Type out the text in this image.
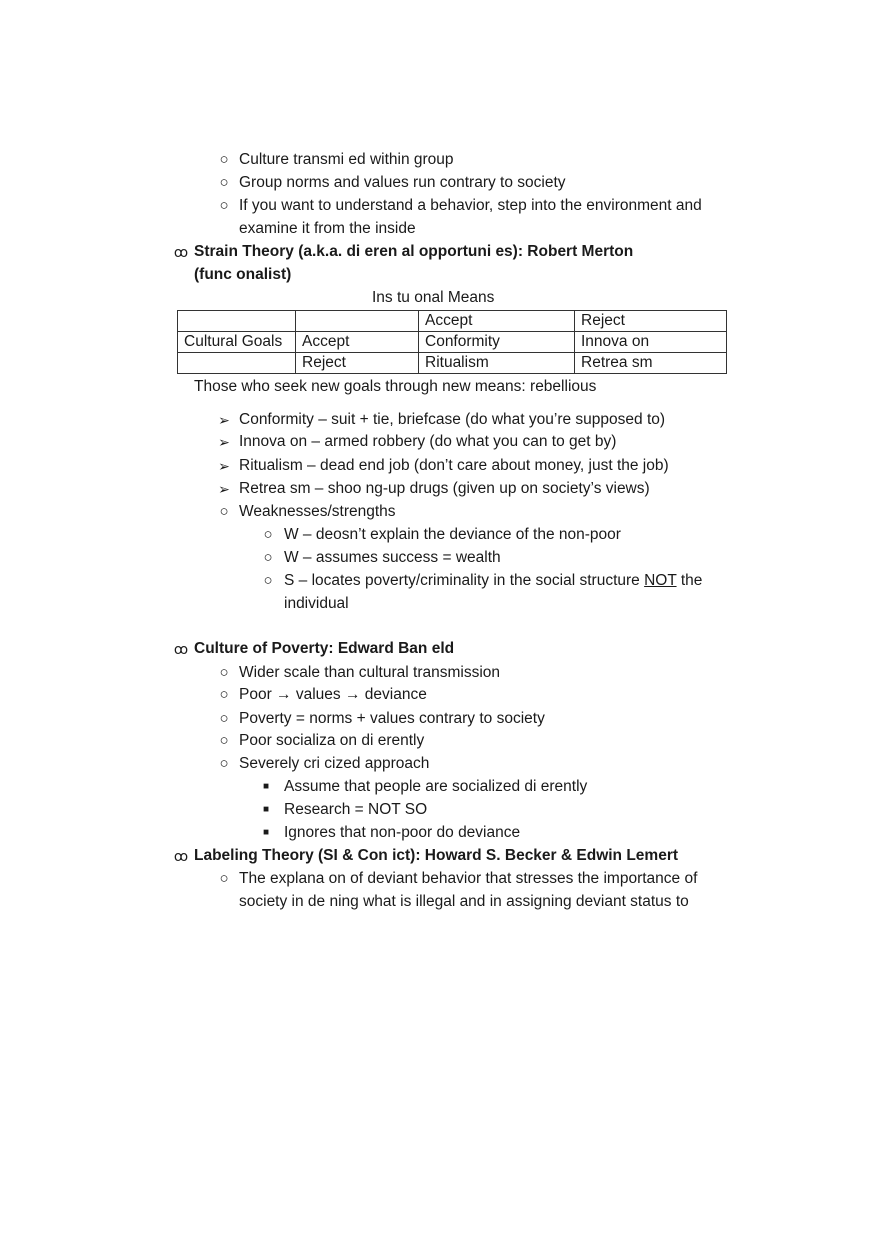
○ Culture transmi ed within group
○ Group norms and values run contrary to society
○ If you want to understand a behavior, step into the environment and
examine it from the inside
ꝏ Strain Theory (a.k.a. di eren al opportuni es): Robert Merton
(func onalist)
Ins tu onal Means
		Accept	Reject
Cultural Goals	Accept	Conformity	Innova on
	Reject	Ritualism	Retrea sm
Those who seek new goals through new means: rebellious
➢ Conformity – suit + tie, briefcase (do what you’re supposed to)
➢ Innova on – armed robbery (do what you can to get by)
➢ Ritualism – dead end job (don’t care about money, just the job)
➢ Retrea sm – shoo ng-up drugs (given up on society’s views)
○ Weaknesses/strengths
○ W – deosn’t explain the deviance of the non-poor
○ W – assumes success = wealth
○ S – locates poverty/criminality in the social structure NOT the
individual
ꝏ Culture of Poverty: Edward Ban eld
○ Wider scale than cultural transmission
○ Poor → values → deviance
○ Poverty = norms + values contrary to society
○ Poor socializa on di erently
○ Severely cri cized approach
■ Assume that people are socialized di erently
■ Research = NOT SO
■ Ignores that non-poor do deviance
ꝏ Labeling Theory (SI & Con ict): Howard S. Becker & Edwin Lemert
○ The explana on of deviant behavior that stresses the importance of
society in de ning what is illegal and in assigning deviant status to
